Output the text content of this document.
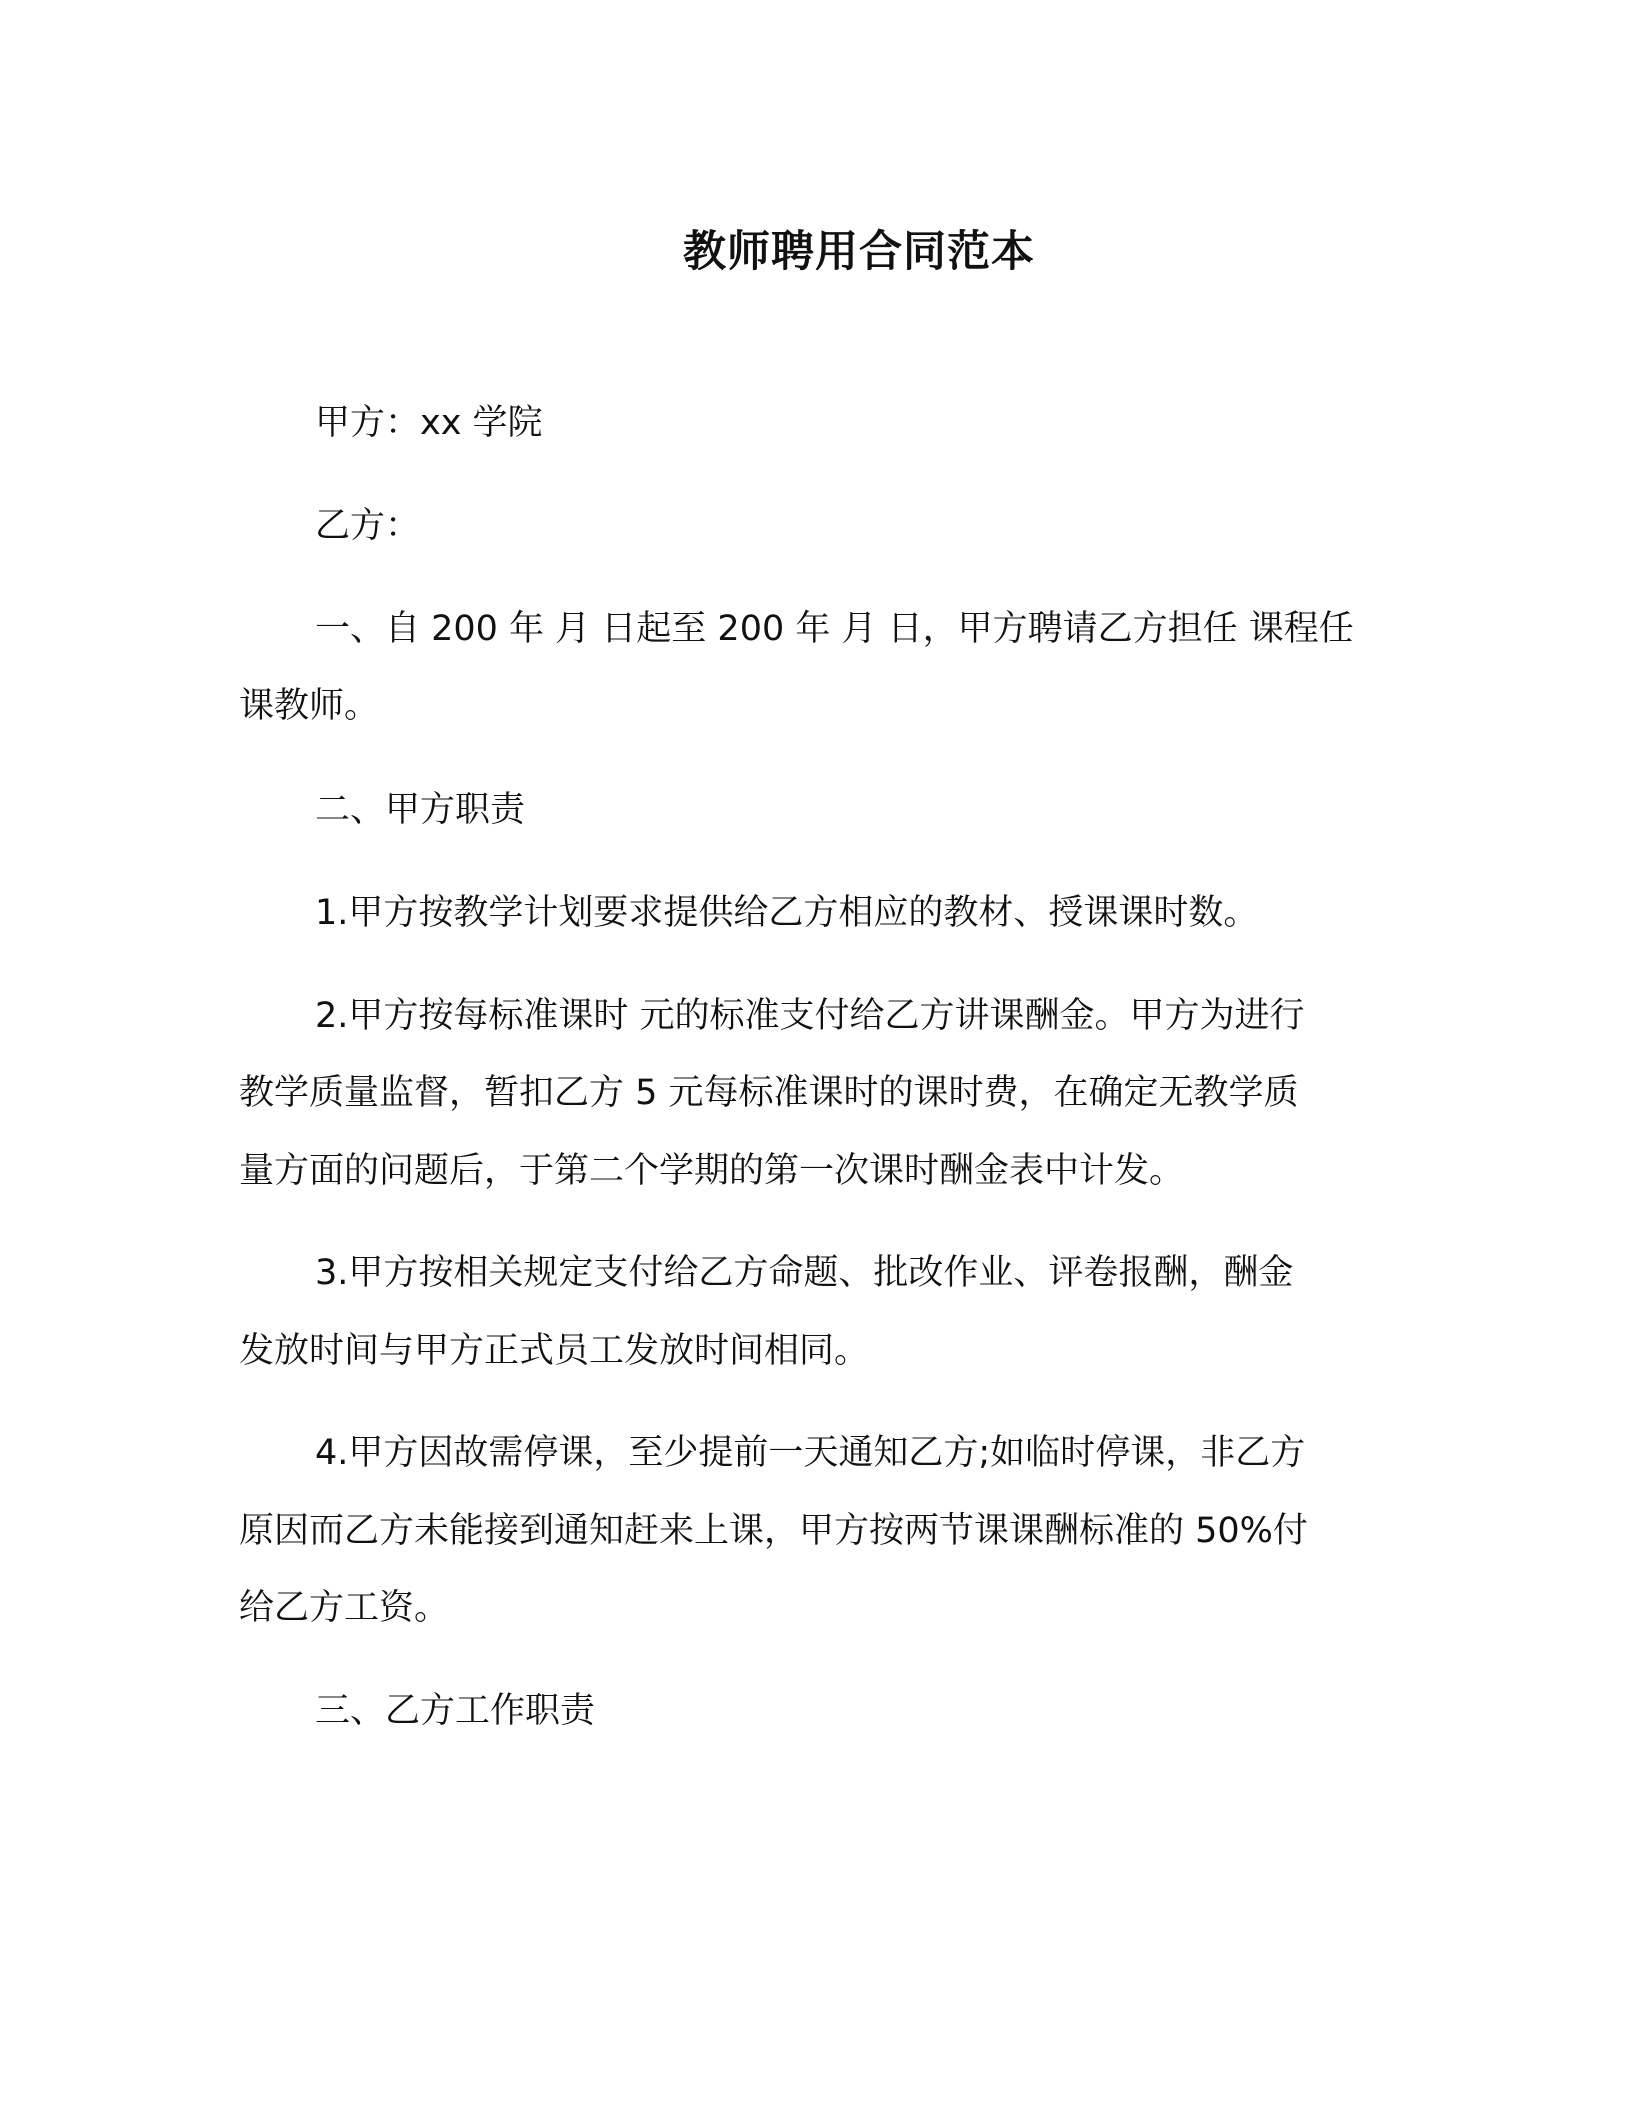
教师聘用合同范本

甲方：xx 学院

乙方：

一、自 200 年 月 日起至 200 年 月 日，甲方聘请乙方担任 课程任

课教师。

二、甲方职责

1.甲方按教学计划要求提供给乙方相应的教材、授课课时数。

2.甲方按每标准课时 元的标准支付给乙方讲课酬金。甲方为进行

教学质量监督，暂扣乙方 5 元每标准课时的课时费，在确定无教学质

量方面的问题后，于第二个学期的第一次课时酬金表中计发。

3.甲方按相关规定支付给乙方命题、批改作业、评卷报酬，酬金

发放时间与甲方正式员工发放时间相同。

4.甲方因故需停课，至少提前一天通知乙方;如临时停课，非乙方

原因而乙方未能接到通知赶来上课，甲方按两节课课酬标准的 50%付

给乙方工资。

三、乙方工作职责
